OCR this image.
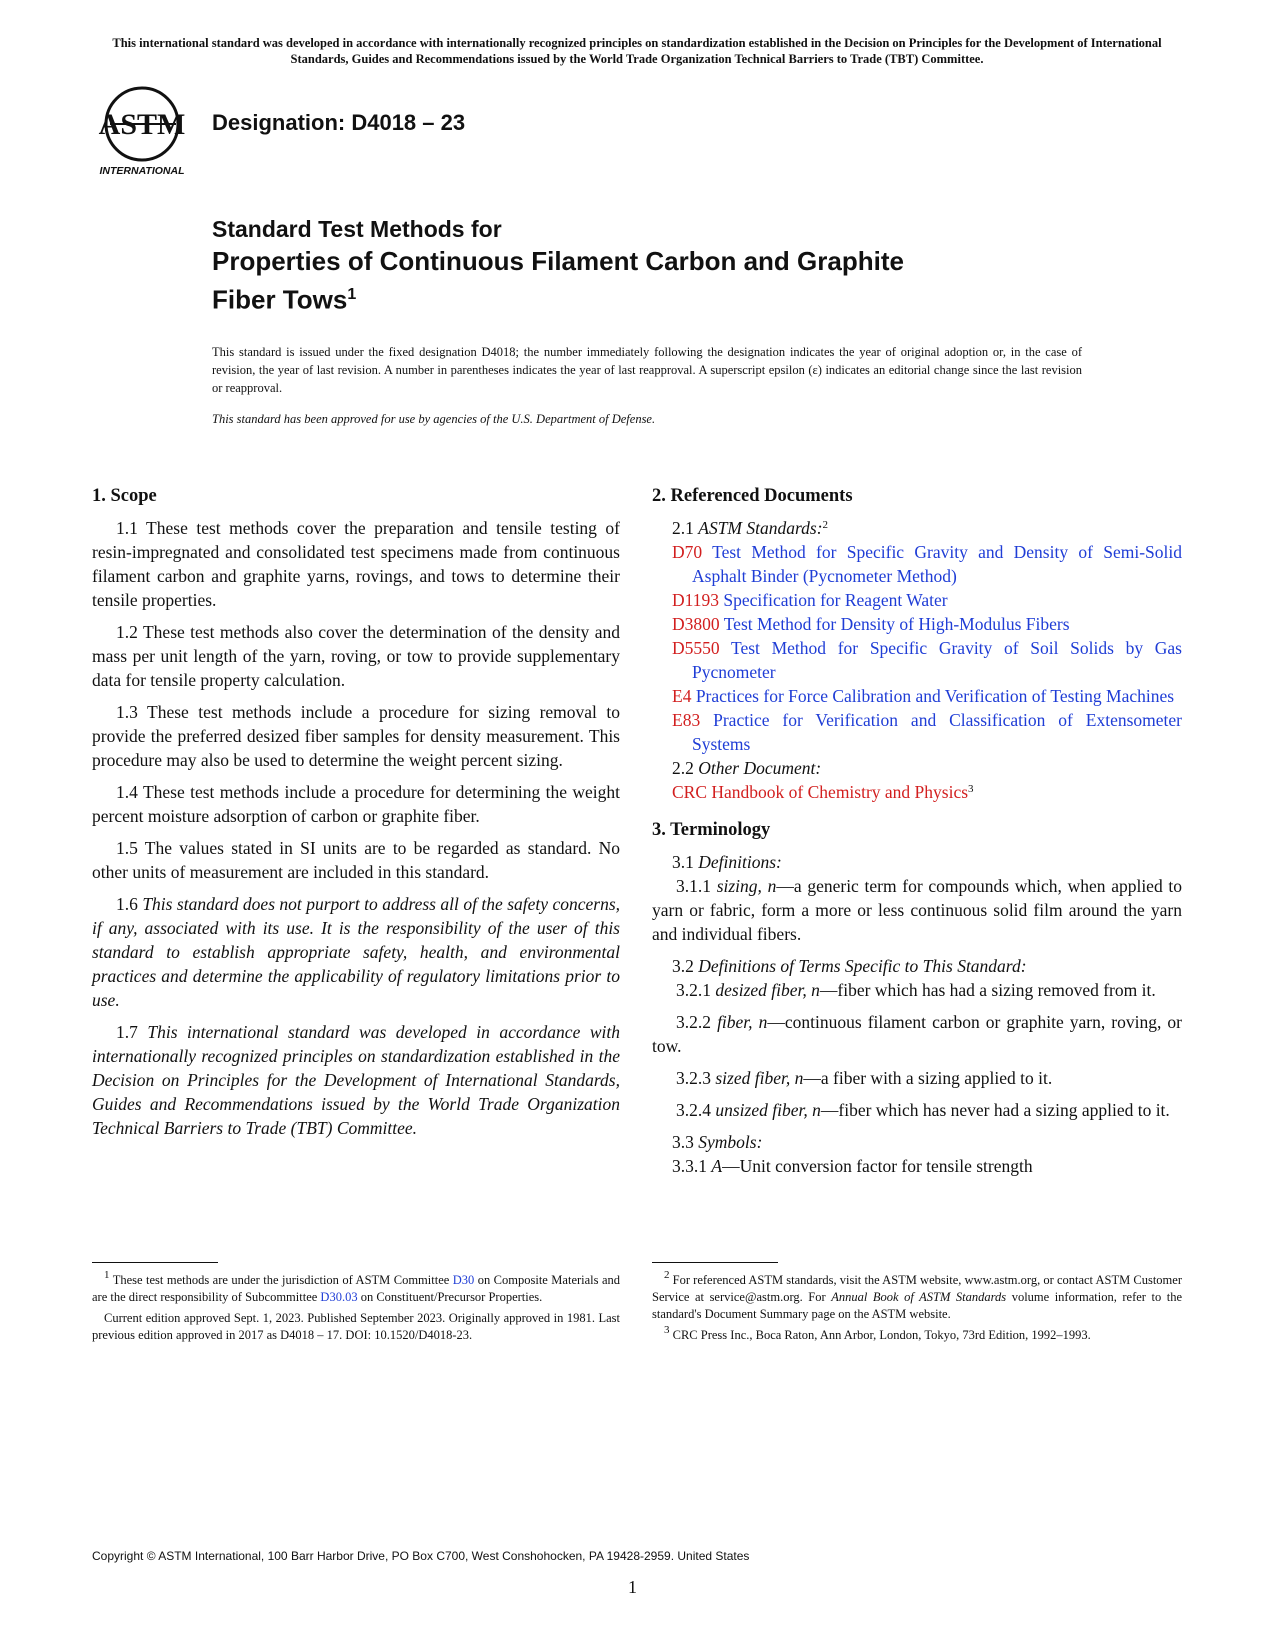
This international standard was developed in accordance with internationally recognized principles on standardization established in the Decision on Principles for the Development of International Standards, Guides and Recommendations issued by the World Trade Organization Technical Barriers to Trade (TBT) Committee.
ASTM
INTERNATIONAL
Designation: D4018 – 23
Standard Test Methods for
Properties of Continuous Filament Carbon and Graphite
Fiber Tows$^1$
This standard is issued under the fixed designation D4018; the number immediately following the designation indicates the year of original adoption or, in the case of revision, the year of last revision. A number in parentheses indicates the year of last reapproval. A superscript epsilon (ε) indicates an editorial change since the last revision or reapproval.
This standard has been approved for use by agencies of the U.S. Department of Defense.
1. Scope

1.1 These test methods cover the preparation and tensile testing of resin-impregnated and consolidated test specimens made from continuous filament carbon and graphite yarns, rovings, and tows to determine their tensile properties.

1.2 These test methods also cover the determination of the density and mass per unit length of the yarn, roving, or tow to provide supplementary data for tensile property calculation.

1.3 These test methods include a procedure for sizing removal to provide the preferred desized fiber samples for density measurement. This procedure may also be used to determine the weight percent sizing.

1.4 These test methods include a procedure for determining the weight percent moisture adsorption of carbon or graphite fiber.

1.5 The values stated in SI units are to be regarded as standard. No other units of measurement are included in this standard.

1.6 This standard does not purport to address all of the safety concerns, if any, associated with its use. It is the responsibility of the user of this standard to establish appropriate safety, health, and environmental practices and determine the applicability of regulatory limitations prior to use.

1.7 This international standard was developed in accordance with internationally recognized principles on standardization established in the Decision on Principles for the Development of International Standards, Guides and Recommendations issued by the World Trade Organization Technical Barriers to Trade (TBT) Committee.

2. Referenced Documents
2.1 ASTM Standards:$^2$
D70 Test Method for Specific Gravity and Density of Semi-Solid Asphalt Binder (Pycnometer Method)
D1193 Specification for Reagent Water
D3800 Test Method for Density of High-Modulus Fibers
D5550 Test Method for Specific Gravity of Soil Solids by Gas Pycnometer
E4 Practices for Force Calibration and Verification of Testing Machines
E83 Practice for Verification and Classification of Extensometer Systems
2.2 Other Document:
CRC Handbook of Chemistry and Physics$^3$
3. Terminology
3.1 Definitions:

3.1.1 sizing, n—a generic term for compounds which, when applied to yarn or fabric, form a more or less continuous solid film around the yarn and individual fibers.

3.2 Definitions of Terms Specific to This Standard:

3.2.1 desized fiber, n—fiber which has had a sizing removed from it.

3.2.2 fiber, n—continuous filament carbon or graphite yarn, roving, or tow.

3.2.3 sized fiber, n—a fiber with a sizing applied to it.

3.2.4 unsized fiber, n—fiber which has never had a sizing applied to it.

3.3 Symbols:
3.3.1 A—Unit conversion factor for tensile strength

$^1$ These test methods are under the jurisdiction of ASTM Committee D30 on Composite Materials and are the direct responsibility of Subcommittee D30.03 on Constituent/Precursor Properties.

Current edition approved Sept. 1, 2023. Published September 2023. Originally approved in 1981. Last previous edition approved in 2017 as D4018 – 17. DOI: 10.1520/D4018-23.

$^2$ For referenced ASTM standards, visit the ASTM website, www.astm.org, or contact ASTM Customer Service at service@astm.org. For Annual Book of ASTM Standards volume information, refer to the standard's Document Summary page on the ASTM website.

$^3$ CRC Press Inc., Boca Raton, Ann Arbor, London, Tokyo, 73rd Edition, 1992–1993.

Copyright © ASTM International, 100 Barr Harbor Drive, PO Box C700, West Conshohocken, PA 19428-2959. United States
1
